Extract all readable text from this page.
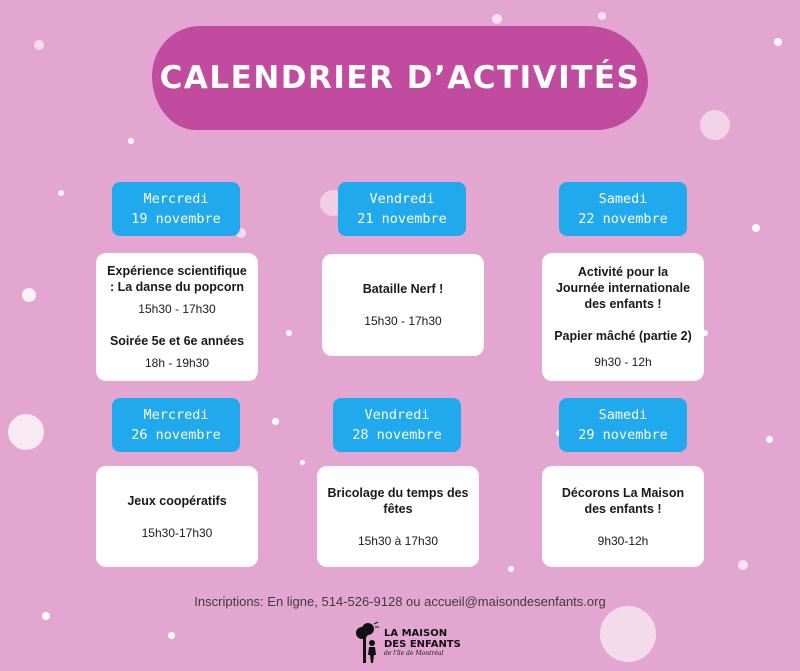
CALENDRIER D’ACTIVITÉS
Mercredi
19 novembre
Vendredi
21 novembre
Samedi
22 novembre
Expérience scientifique : La danse du popcorn
15h30 - 17h30
Soirée 5e et 6e années
18h - 19h30
Bataille Nerf !
15h30 - 17h30
Activité pour la Journée internationale des enfants !
Papier mâché (partie 2)
9h30 - 12h
Mercredi
26 novembre
Vendredi
28 novembre
Samedi
29 novembre
Jeux coopératifs
15h30-17h30
Bricolage du temps des fêtes
15h30 à 17h30
Décorons La Maison des enfants !
9h30-12h
Inscriptions: En ligne, 514-526-9128 ou accueil@maisondesenfants.org
LA MAISON
DES ENFANTS
de l'île de Montréal
